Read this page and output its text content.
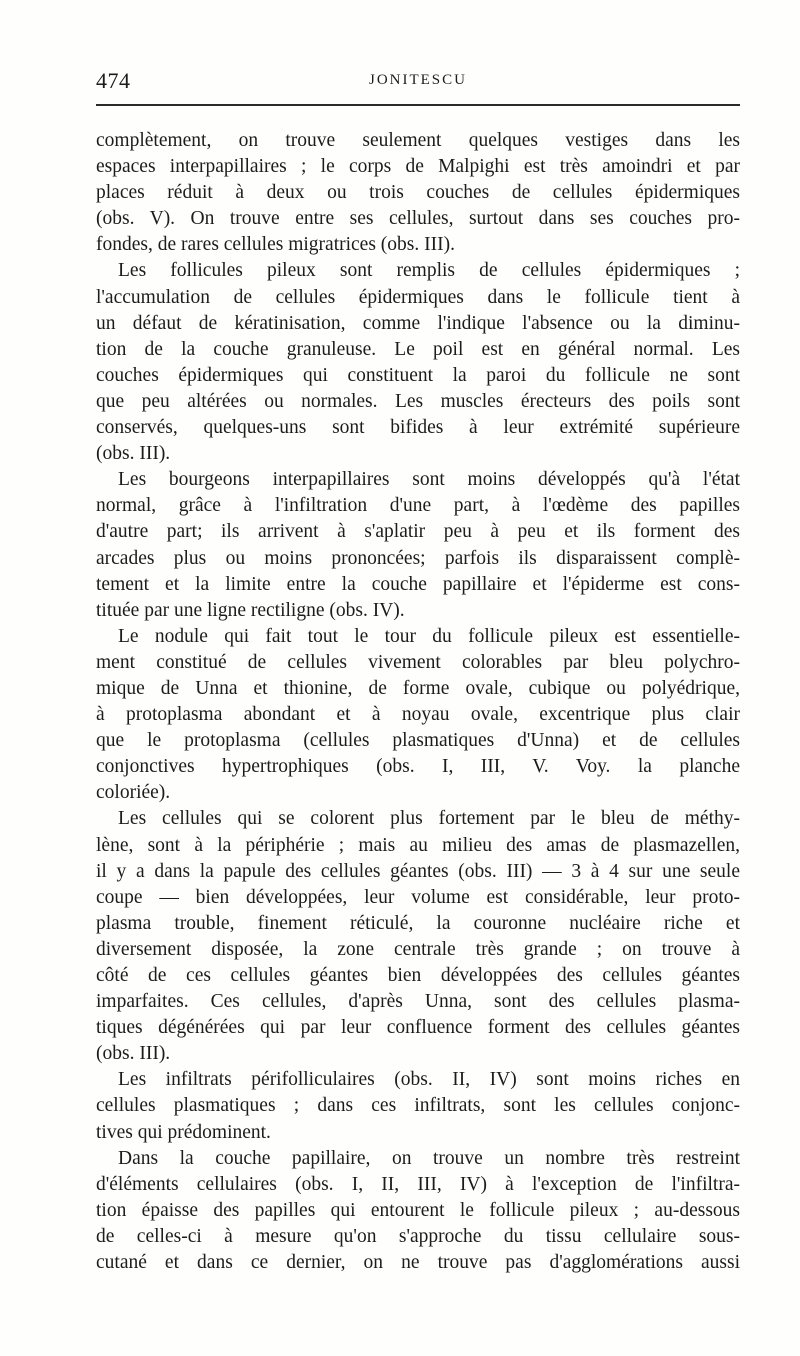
474	JONITESCU
complètement, on trouve seulement quelques vestiges dans les
espaces interpapillaires ; le corps de Malpighi est très amoindri et par
places réduit à deux ou trois couches de cellules épidermiques
(obs. V). On trouve entre ses cellules, surtout dans ses couches pro-
fondes, de rares cellules migratrices (obs. III).
Les follicules pileux sont remplis de cellules épidermiques ;
l'accumulation de cellules épidermiques dans le follicule tient à
un défaut de kératinisation, comme l'indique l'absence ou la diminu-
tion de la couche granuleuse. Le poil est en général normal. Les
couches épidermiques qui constituent la paroi du follicule ne sont
que peu altérées ou normales. Les muscles érecteurs des poils sont
conservés, quelques-uns sont bifides à leur extrémité supérieure
(obs. III).
Les bourgeons interpapillaires sont moins développés qu'à l'état
normal, grâce à l'infiltration d'une part, à l'œdème des papilles
d'autre part; ils arrivent à s'aplatir peu à peu et ils forment des
arcades plus ou moins prononcées; parfois ils disparaissent complè-
tement et la limite entre la couche papillaire et l'épiderme est cons-
tituée par une ligne rectiligne (obs. IV).
Le nodule qui fait tout le tour du follicule pileux est essentielle-
ment constitué de cellules vivement colorables par bleu polychro-
mique de Unna et thionine, de forme ovale, cubique ou polyédrique,
à protoplasma abondant et à noyau ovale, excentrique plus clair
que le protoplasma (cellules plasmatiques d'Unna) et de cellules
conjonctives hypertrophiques (obs. I, III, V. Voy. la planche
coloriée).
Les cellules qui se colorent plus fortement par le bleu de méthy-
lène, sont à la périphérie ; mais au milieu des amas de plasmazellen,
il y a dans la papule des cellules géantes (obs. III) — 3 à 4 sur une seule
coupe — bien développées, leur volume est considérable, leur proto-
plasma trouble, finement réticulé, la couronne nucléaire riche et
diversement disposée, la zone centrale très grande ; on trouve à
côté de ces cellules géantes bien développées des cellules géantes
imparfaites. Ces cellules, d'après Unna, sont des cellules plasma-
tiques dégénérées qui par leur confluence forment des cellules géantes
(obs. III).
Les infiltrats périfolliculaires (obs. II, IV) sont moins riches en
cellules plasmatiques ; dans ces infiltrats, sont les cellules conjonc-
tives qui prédominent.
Dans la couche papillaire, on trouve un nombre très restreint
d'éléments cellulaires (obs. I, II, III, IV) à l'exception de l'infiltra-
tion épaisse des papilles qui entourent le follicule pileux ; au-dessous
de celles-ci à mesure qu'on s'approche du tissu cellulaire sous-
cutané et dans ce dernier, on ne trouve pas d'agglomérations aussi
